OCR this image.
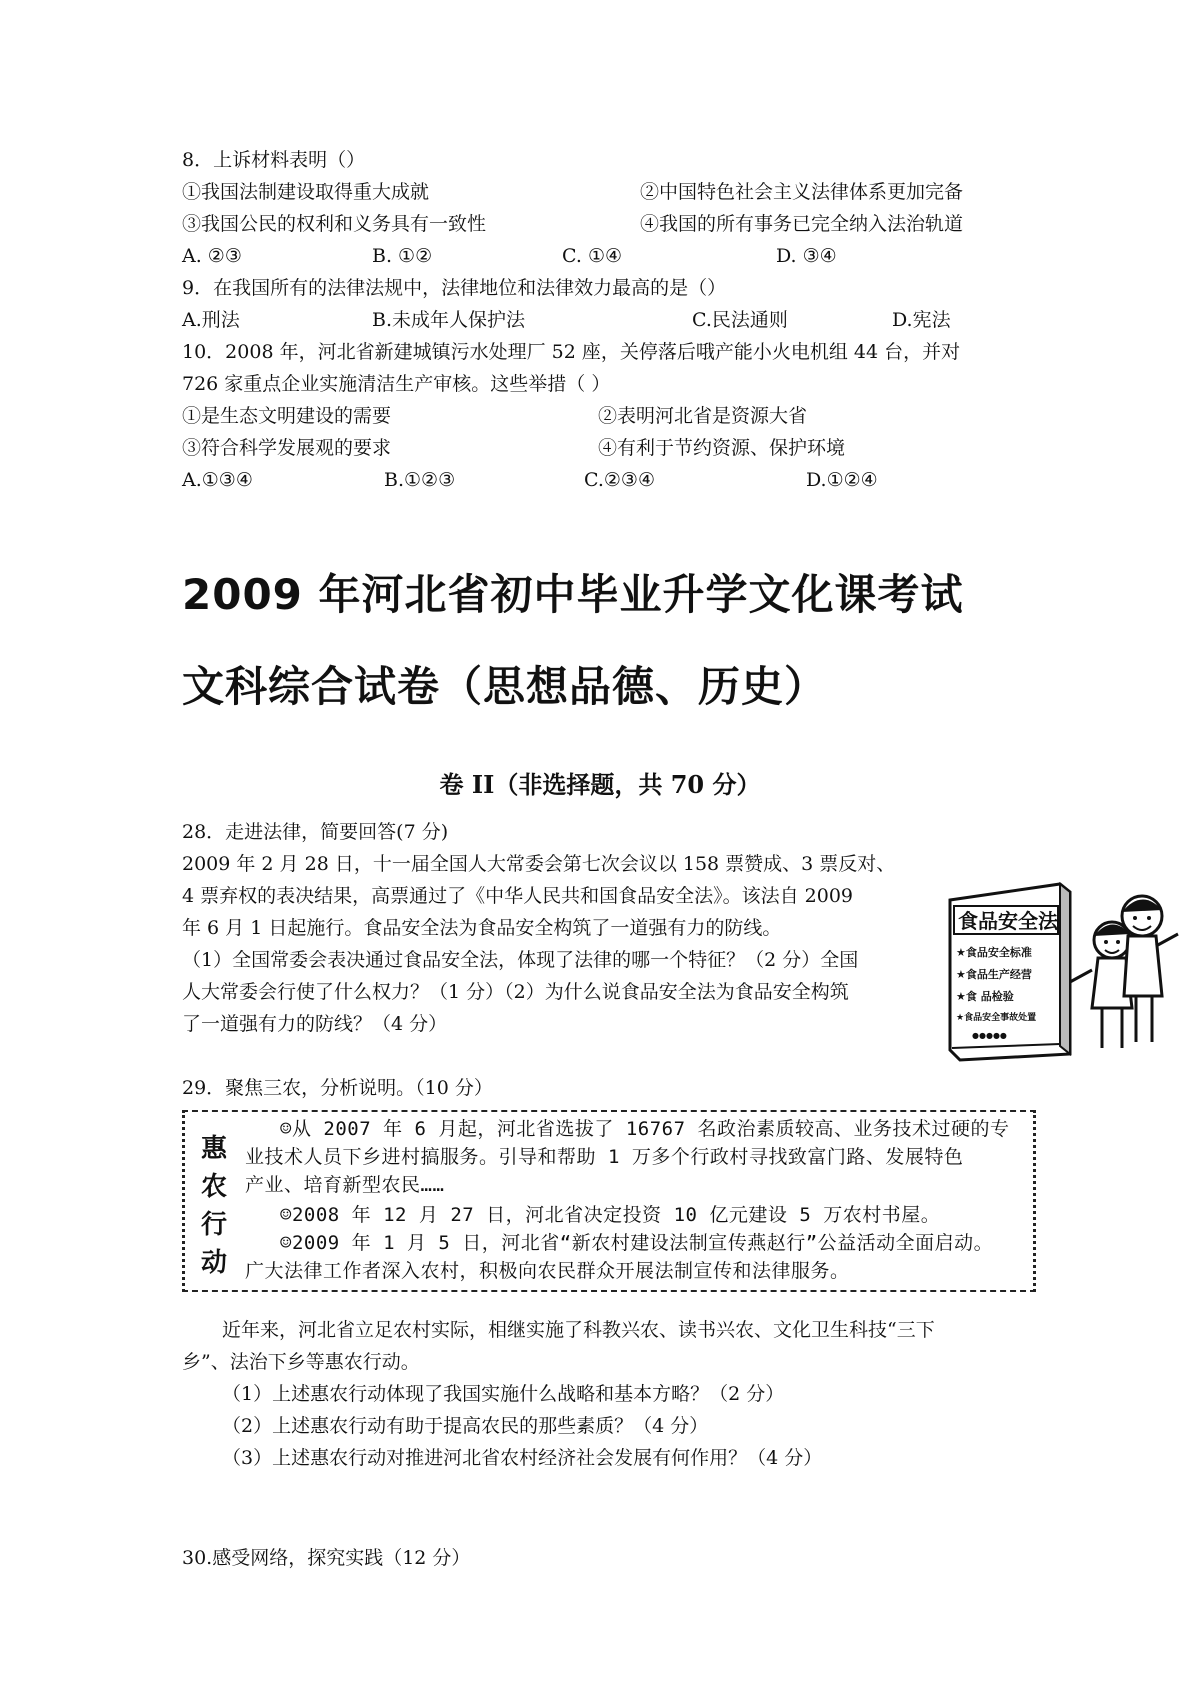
8．上诉材料表明（）
①我国法制建设取得重大成就	②中国特色社会主义法律体系更加完备
③我国公民的权利和义务具有一致性	④我国的所有事务已完全纳入法治轨道
A. ②③	B. ①②	C. ①④	D. ③④
9．在我国所有的法律法规中，法律地位和法律效力最高的是（）
A.刑法	B.未成年人保护法	C.民法通则	D.宪法
10．2008 年，河北省新建城镇污水处理厂 52 座，关停落后哦产能小火电机组 44 台，并对
726 家重点企业实施清洁生产审核。这些举措（ ）
①是生态文明建设的需要	②表明河北省是资源大省
③符合科学发展观的要求	④有利于节约资源、保护环境
A.①③④	B.①②③	C.②③④	D.①②④
2009 年河北省初中毕业升学文化课考试
文科综合试卷（思想品德、历史）
卷 II（非选择题，共 70 分）
28．走进法律，简要回答(7 分)
2009 年 2 月 28 日，十一届全国人大常委会第七次会议以 158 票赞成、3 票反对、
4 票弃权的表决结果，高票通过了《中华人民共和国食品安全法》。该法自 2009
年 6 月 1 日起施行。食品安全法为食品安全构筑了一道强有力的防线。
（1）全国常委会表决通过食品安全法，体现了法律的哪一个特征？（2 分）全国
人大常委会行使了什么权力？（1 分）（2）为什么说食品安全法为食品安全构筑
了一道强有力的防线？（4 分）
食品安全法
★食品安全标准
★食品生产经营
★食 品检验
★食品安全事故处置
●●●●●
29．聚焦三农，分析说明。（10 分）
惠
农
行
动
☺从 2007 年 6 月起，河北省选拔了 16767 名政治素质较高、业务技术过硬的专
业技术人员下乡进村搞服务。引导和帮助 1 万多个行政村寻找致富门路、发展特色
产业、培育新型农民……
☺2008 年 12 月 27 日，河北省决定投资 10 亿元建设 5 万农村书屋。
☺2009 年 1 月 5 日，河北省“新农村建设法制宣传燕赵行”公益活动全面启动。
广大法律工作者深入农村，积极向农民群众开展法制宣传和法律服务。
近年来，河北省立足农村实际，相继实施了科教兴农、读书兴农、文化卫生科技“三下
乡”、法治下乡等惠农行动。
（1）上述惠农行动体现了我国实施什么战略和基本方略？（2 分）
（2）上述惠农行动有助于提高农民的那些素质？（4 分）
（3）上述惠农行动对推进河北省农村经济社会发展有何作用？（4 分）
30.感受网络，探究实践（12 分）
